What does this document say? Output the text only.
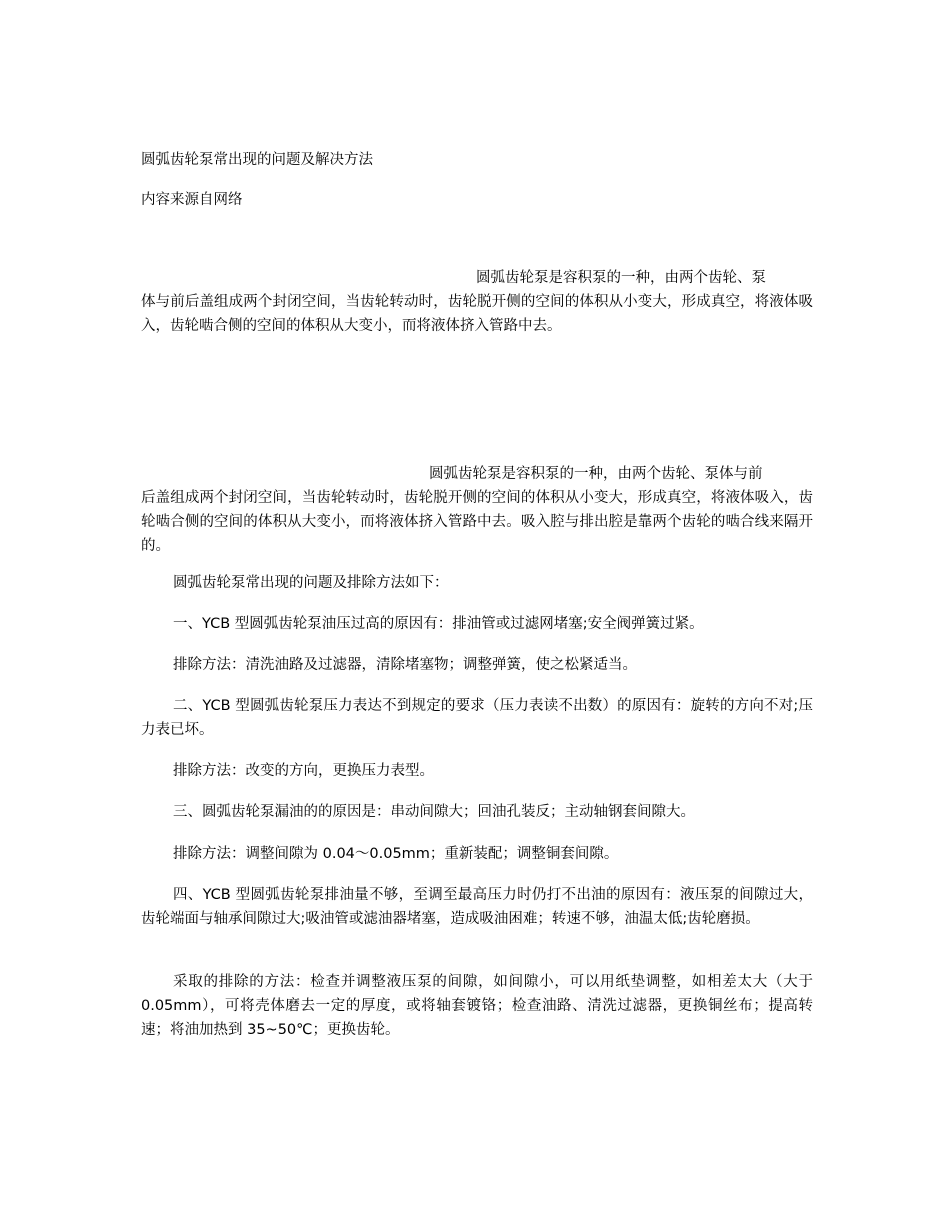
圆弧齿轮泵常出现的问题及解决方法

内容来源自网络

圆弧齿轮泵是容积泵的一种，由两个齿轮、泵

体与前后盖组成两个封闭空间，当齿轮转动时，齿轮脱开侧的空间的体积从小变大，形成真空，将液体吸入，齿轮啮合侧的空间的体积从大变小，而将液体挤入管路中去。

圆弧齿轮泵是容积泵的一种，由两个齿轮、泵体与前

后盖组成两个封闭空间，当齿轮转动时，齿轮脱开侧的空间的体积从小变大，形成真空，将液体吸入，齿轮啮合侧的空间的体积从大变小，而将液体挤入管路中去。吸入腔与排出腔是靠两个齿轮的啮合线来隔开的。

圆弧齿轮泵常出现的问题及排除方法如下：

一、YCB 型圆弧齿轮泵油压过高的原因有：排油管或过滤网堵塞;安全阀弹簧过紧。

排除方法：清洗油路及过滤器，清除堵塞物；调整弹簧，使之松紧适当。

二、YCB 型圆弧齿轮泵压力表达不到规定的要求（压力表读不出数）的原因有：旋转的方向不对;压力表已坏。

排除方法：改变的方向，更换压力表型。

三、圆弧齿轮泵漏油的的原因是：串动间隙大；回油孔装反；主动轴钢套间隙大。

排除方法：调整间隙为 0.04～0.05mm；重新装配；调整铜套间隙。

四、YCB 型圆弧齿轮泵排油量不够，至调至最高压力时仍打不出油的原因有：液压泵的间隙过大，齿轮端面与轴承间隙过大;吸油管或滤油器堵塞，造成吸油困难；转速不够，油温太低;齿轮磨损。

采取的排除的方法：检查并调整液压泵的间隙，如间隙小，可以用纸垫调整，如相差太大（大于 0.05mm），可将壳体磨去一定的厚度，或将轴套镀铬；检查油路、清洗过滤器，更换铜丝布；提高转速；将油加热到 35~50℃；更换齿轮。
